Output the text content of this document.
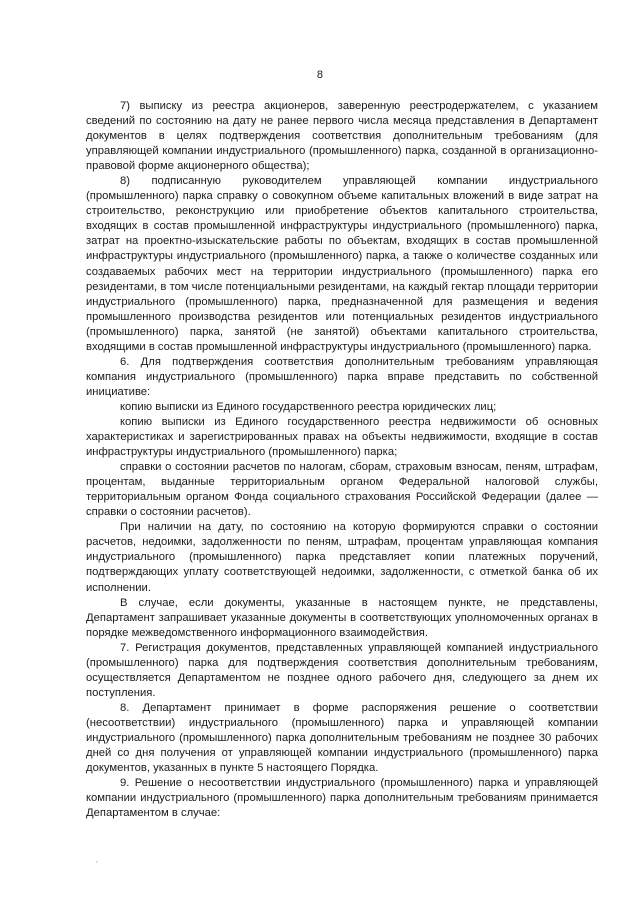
8

7) выписку из реестра акционеров, заверенную реестродержателем, с указанием сведений по состоянию на дату не ранее первого числа месяца представления в Департамент документов в целях подтверждения соответствия дополнительным требованиям (для управляющей компании индустриального (промышленного) парка, созданной в организационно-правовой форме акционерного общества);

8) подписанную руководителем управляющей компании индустриального (промышленного) парка справку о совокупном объеме капитальных вложений в виде затрат на строительство, реконструкцию или приобретение объектов капитального строительства, входящих в состав промышленной инфраструктуры индустриального (промышленного) парка, затрат на проектно-изыскательские работы по объектам, входящих в состав промышленной инфраструктуры индустриального (промышленного) парка, а также о количестве созданных или создаваемых рабочих мест на территории индустриального (промышленного) парка его резидентами, в том числе потенциальными резидентами, на каждый гектар площади территории индустриального (промышленного) парка, предназначенной для размещения и ведения промышленного производства резидентов или потенциальных резидентов индустриального (промышленного) парка, занятой (не занятой) объектами капитального строительства, входящими в состав промышленной инфраструктуры индустриального (промышленного) парка.

6. Для подтверждения соответствия дополнительным требованиям управляющая компания индустриального (промышленного) парка вправе представить по собственной инициативе:

копию выписки из Единого государственного реестра юридических лиц;

копию выписки из Единого государственного реестра недвижимости об основных характеристиках и зарегистрированных правах на объекты недвижимости, входящие в состав инфраструктуры индустриального (промышленного) парка;

справки о состоянии расчетов по налогам, сборам, страховым взносам, пеням, штрафам, процентам, выданные территориальным органом Федеральной налоговой службы, территориальным органом Фонда социального страхования Российской Федерации (далее — справки о состоянии расчетов).

При наличии на дату, по состоянию на которую формируются справки о состоянии расчетов, недоимки, задолженности по пеням, штрафам, процентам управляющая компания индустриального (промышленного) парка представляет копии платежных поручений, подтверждающих уплату соответствующей недоимки, задолженности, с отметкой банка об их исполнении.

В случае, если документы, указанные в настоящем пункте, не представлены, Департамент запрашивает указанные документы в соответствующих уполномоченных органах в порядке межведомственного информационного взаимодействия.

7. Регистрация документов, представленных управляющей компанией индустриального (промышленного) парка для подтверждения соответствия дополнительным требованиям, осуществляется Департаментом не позднее одного рабочего дня, следующего за днем их поступления.

8. Департамент принимает в форме распоряжения решение о соответствии (несоответствии) индустриального (промышленного) парка и управляющей компании индустриального (промышленного) парка дополнительным требованиям не позднее 30 рабочих дней со дня получения от управляющей компании индустриального (промышленного) парка документов, указанных в пункте 5 настоящего Порядка.

9. Решение о несоответствии индустриального (промышленного) парка и управляющей компании индустриального (промышленного) парка дополнительным требованиям принимается Департаментом в случае:

‚
